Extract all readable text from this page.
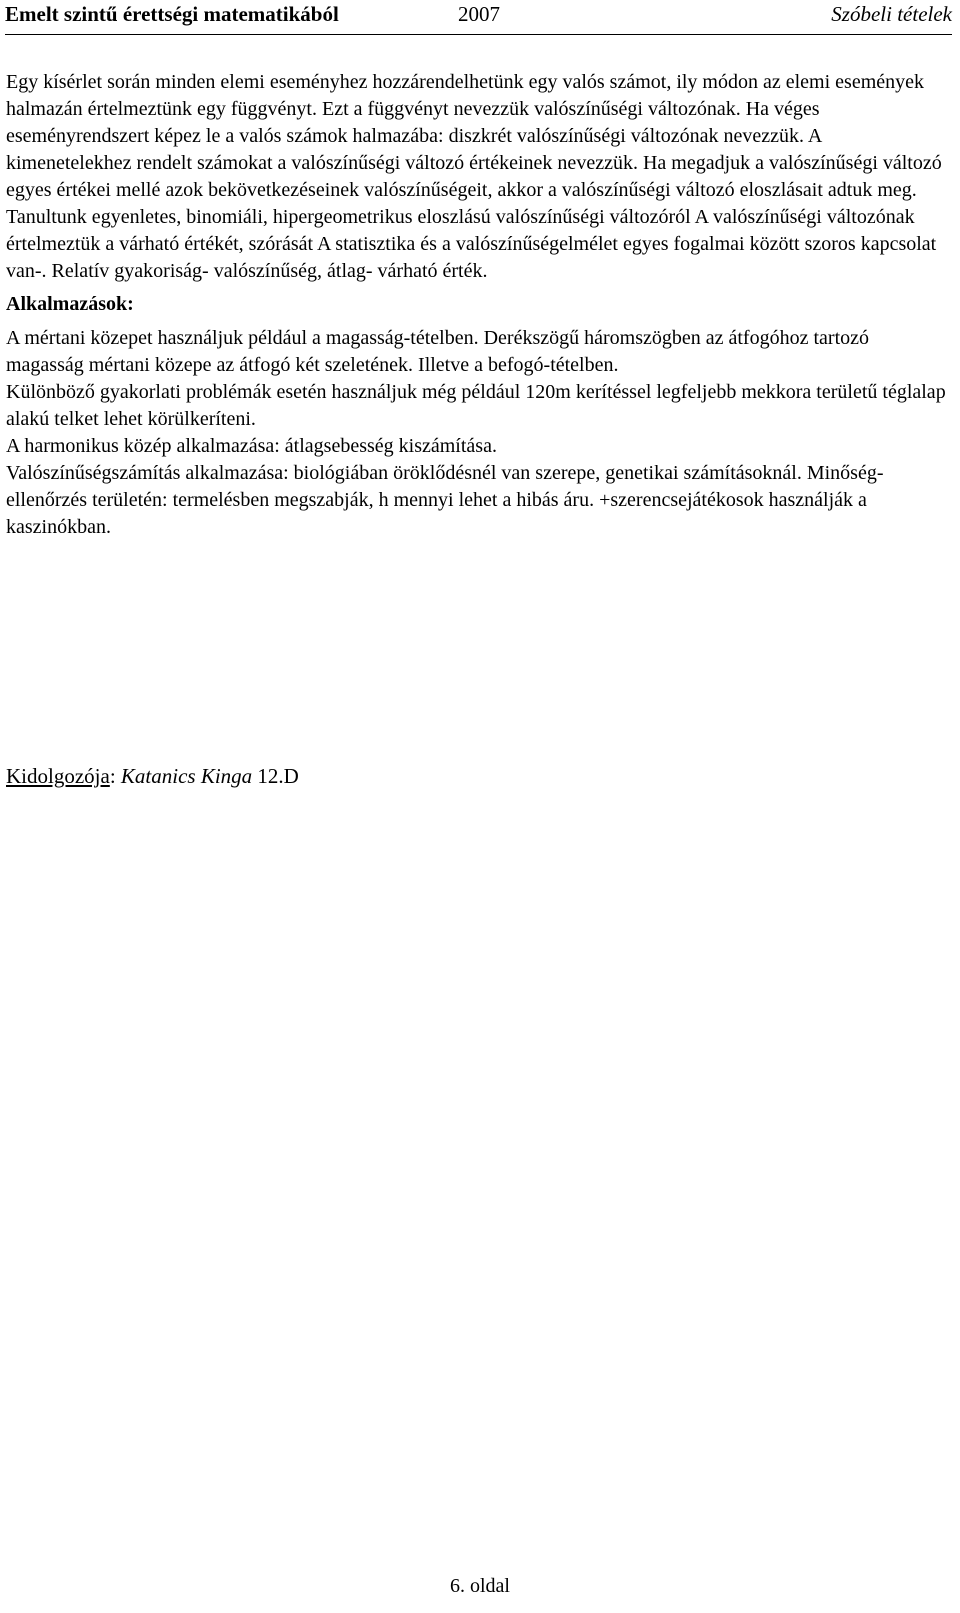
Emelt szintű érettségi matematikából	2007	Szóbeli tételek

Egy kísérlet során minden elemi eseményhez hozzárendelhetünk egy valós számot, ily módon az elemi események halmazán értelmeztünk egy függvényt. Ezt a függvényt nevezzük valószínűségi változónak. Ha véges eseményrendszert képez le a valós számok halmazába: diszkrét valószínűségi változónak nevezzük. A kimenetelekhez rendelt számokat a valószínűségi változó értékeinek nevezzük. Ha megadjuk a valószínűségi változó egyes értékei mellé azok bekövetkezéseinek valószínűségeit, akkor a valószínűségi változó eloszlásait adtuk meg. Tanultunk egyenletes, binomiáli, hipergeometrikus eloszlású valószínűségi változóról A valószínűségi változónak értelmeztük a várható értékét, szórását A statisztika és a valószínűségelmélet egyes fogalmai között szoros kapcsolat van-. Relatív gyakoriság- valószínűség, átlag- várható érték.

Alkalmazások:

A mértani közepet használjuk például a magasság-tételben. Derékszögű háromszögben az átfogóhoz tartozó magasság mértani közepe az átfogó két szeletének. Illetve a befogó-tételben.

Különböző gyakorlati problémák esetén használjuk még például 120m kerítéssel legfeljebb mekkora területű téglalap alakú telket lehet körülkeríteni.

A harmonikus közép alkalmazása: átlagsebesség kiszámítása.

Valószínűségszámítás alkalmazása: biológiában öröklődésnél van szerepe, genetikai számításoknál. Minőség-ellenőrzés területén: termelésben megszabják, h mennyi lehet a hibás áru. +szerencsejátékosok használják a kaszinókban.

Kidolgozója: Katanics Kinga 12.D
6. oldal
